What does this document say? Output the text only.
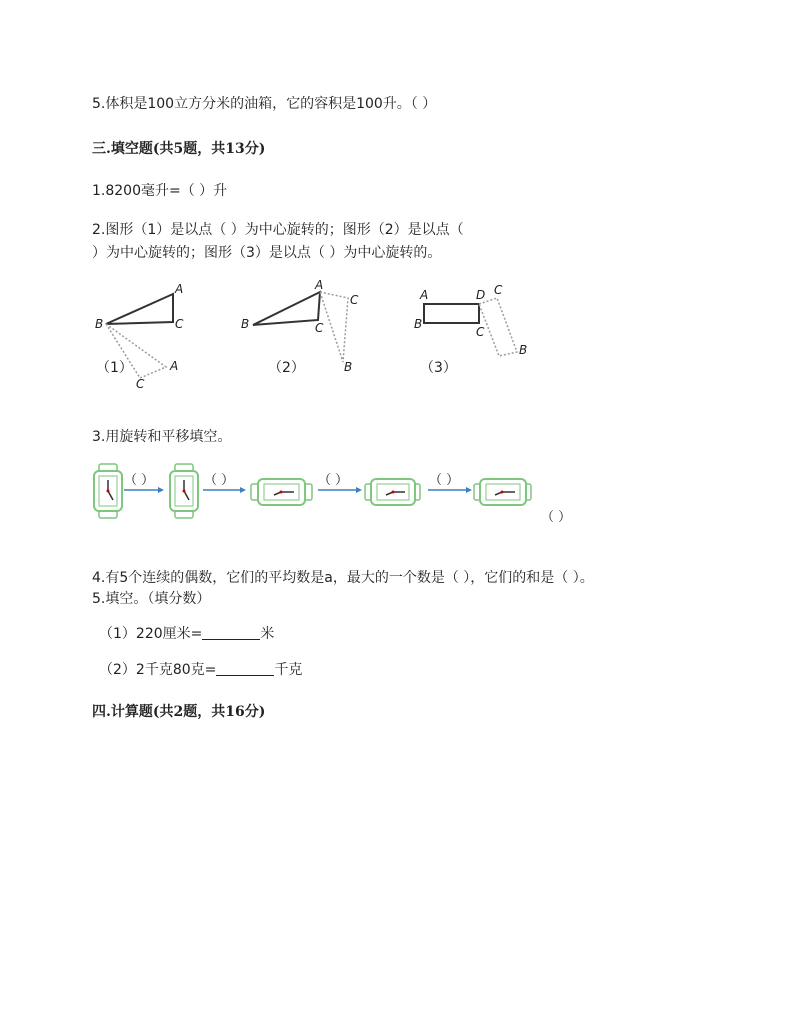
5.体积是100立方分米的油箱，它的容积是100升。（ ）
三.填空题(共5题，共13分)
1.8200毫升=（ ）升
2.图形（1）是以点（ ）为中心旋转的；图形（2）是以点（
）为中心旋转的；图形（3）是以点（ ）为中心旋转的。
A
B	C
A
C
（1）
A
B	C
C
B
（2）
A	D C
B
C
B
（3）
（ ）	（ ）	（ ）	（ ）
（ ）
3.用旋转和平移填空。
4.有5个连续的偶数，它们的平均数是a，最大的一个数是（ ），它们的和是（ ）。
5.填空。（填分数）
（1）220厘米=	米
（2）2千克80克=	千克
四.计算题(共2题，共16分)
